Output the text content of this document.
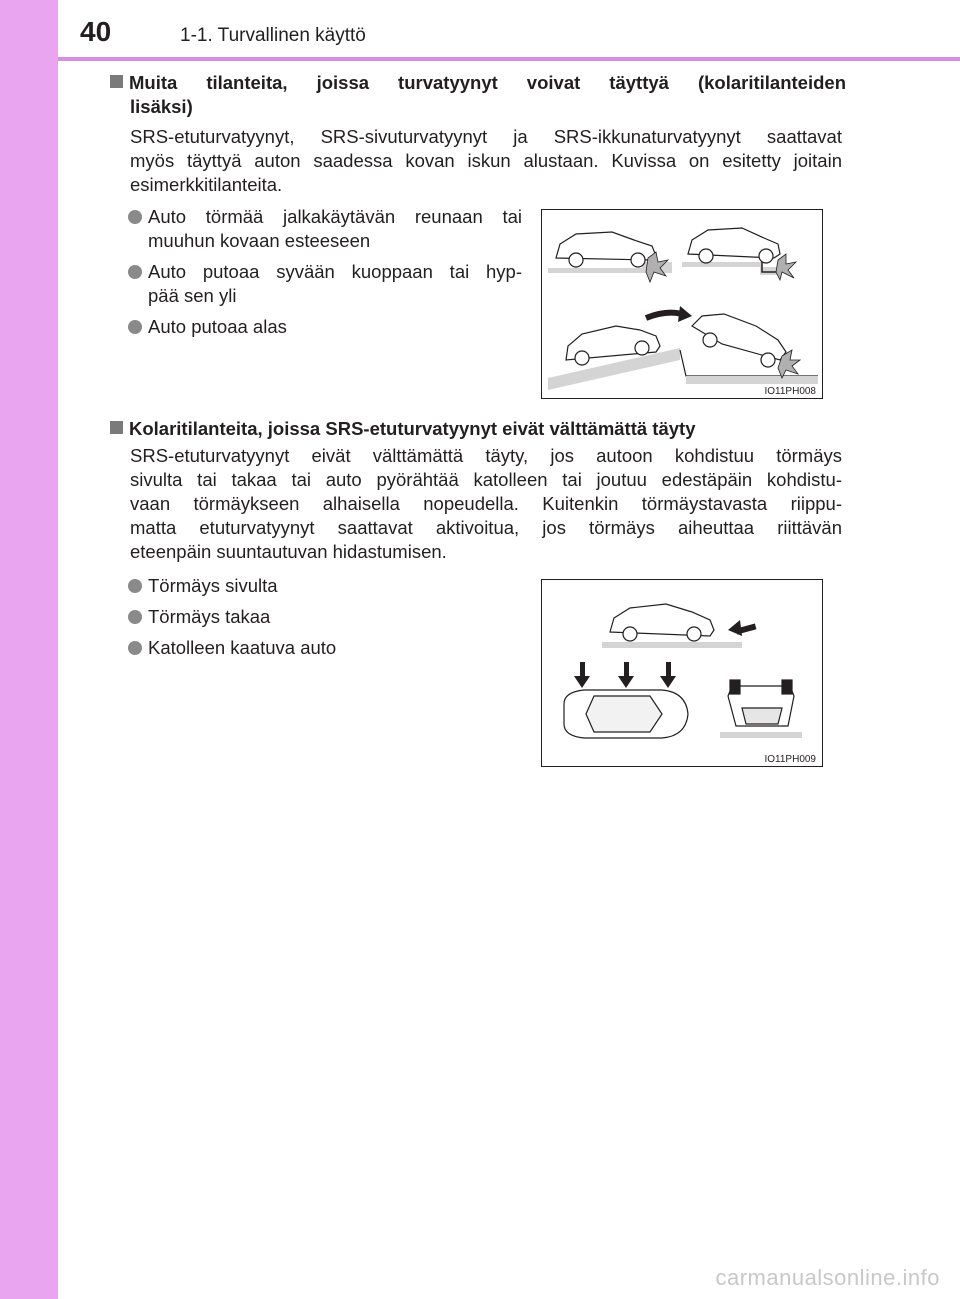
40	1-1. Turvallinen käyttö
Muita tilanteita, joissa turvatyynyt voivat täyttyä (kolaritilanteiden
lisäksi)
SRS-etuturvatyynyt, SRS-sivuturvatyynyt ja SRS-ikkunaturvatyynyt saattavat
myös täyttyä auton saadessa kovan iskun alustaan. Kuvissa on esitetty joitain
esimerkkitilanteita.
Auto törmää jalkakäytävän reunaan tai
muuhun kovaan esteeseen
Auto putoaa syvään kuoppaan tai hyp-
pää sen yli
Auto putoaa alas
IO11PH008
Kolaritilanteita, joissa SRS-etuturvatyynyt eivät välttämättä täyty
SRS-etuturvatyynyt eivät välttämättä täyty, jos autoon kohdistuu törmäys
sivulta tai takaa tai auto pyörähtää katolleen tai joutuu edestäpäin kohdistu-
vaan törmäykseen alhaisella nopeudella. Kuitenkin törmäystavasta riippu-
matta etuturvatyynyt saattavat aktivoitua, jos törmäys aiheuttaa riittävän
eteenpäin suuntautuvan hidastumisen.
Törmäys sivulta
Törmäys takaa
Katolleen kaatuva auto
IO11PH009
carmanualsonline.info
